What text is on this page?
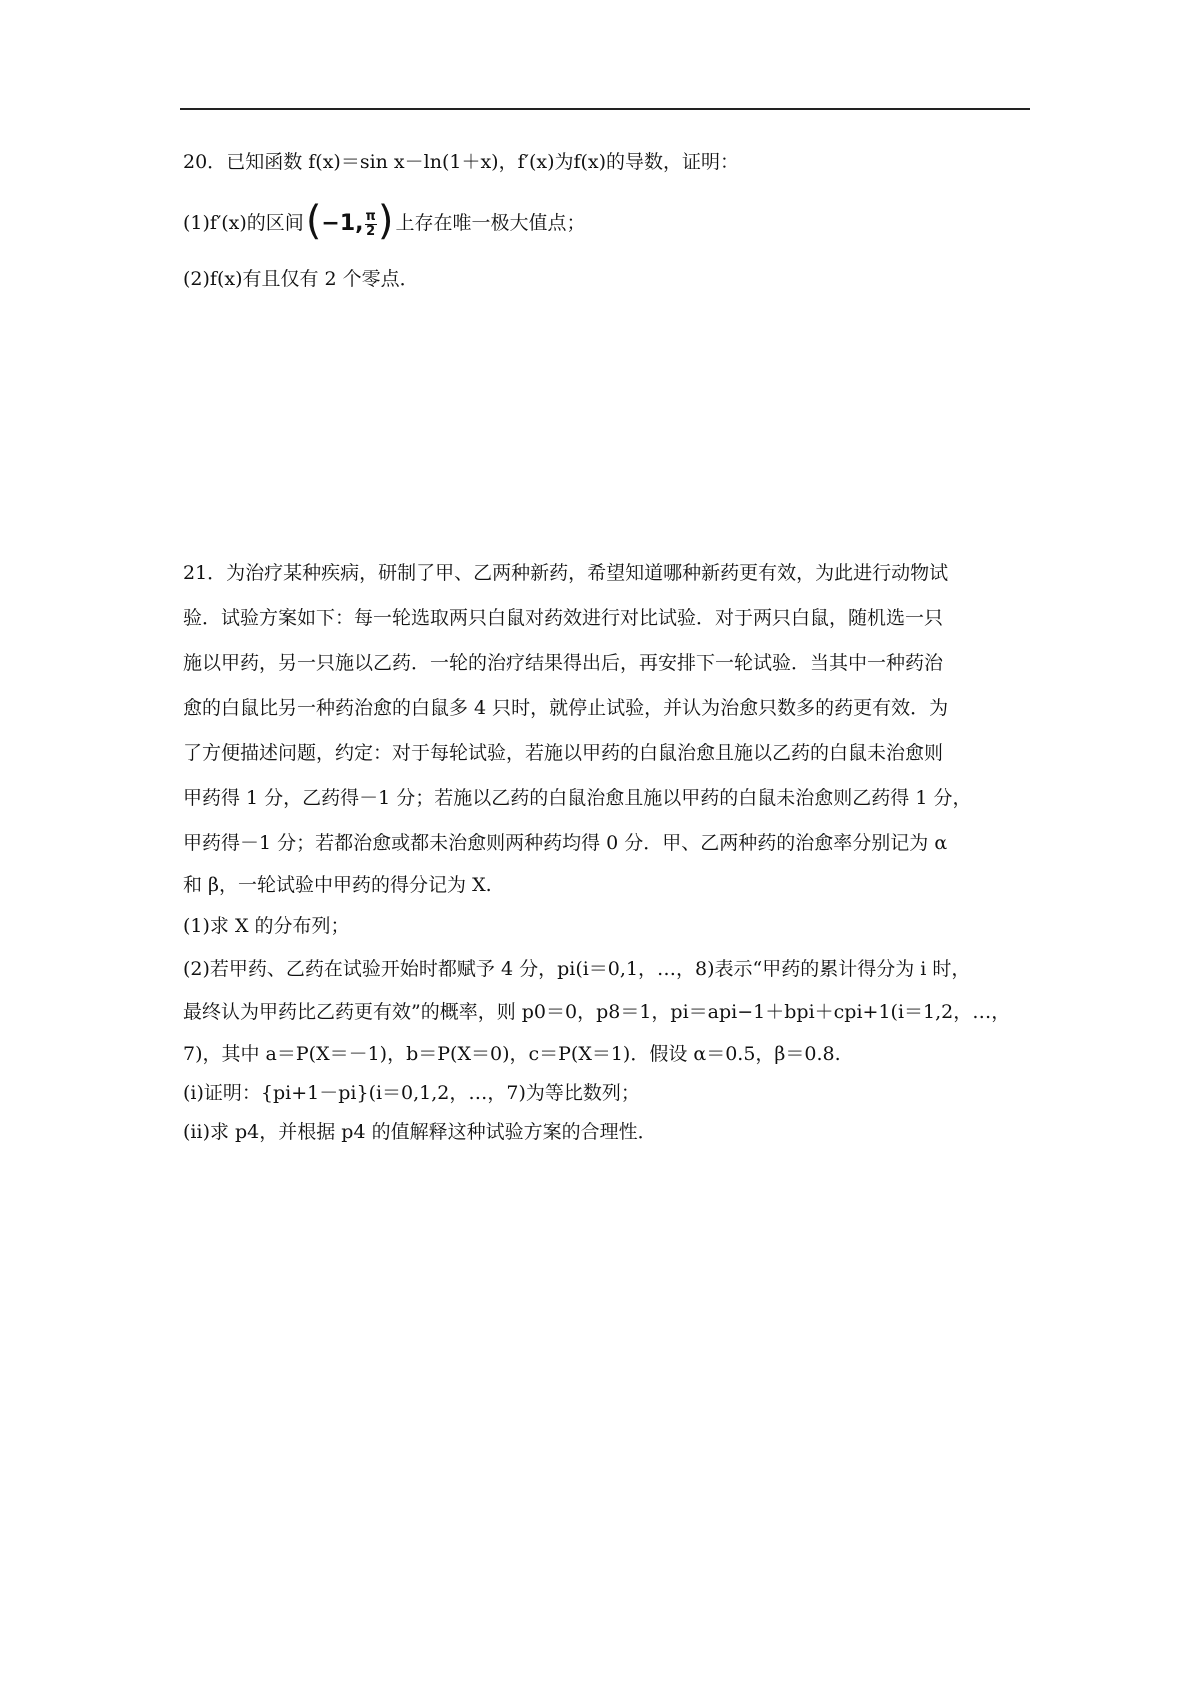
20．已知函数 f(x)＝sin x－ln(1＋x)，f′(x)为f(x)的导数，证明：
(1)f′(x)的区间(−1, $\frac{\pi}{2}$ ) 上存在唯一极大值点；
(2)f(x)有且仅有 2 个零点．
21．为治疗某种疾病，研制了甲、乙两种新药，希望知道哪种新药更有效，为此进行动物试
验．试验方案如下：每一轮选取两只白鼠对药效进行对比试验．对于两只白鼠，随机选一只
施以甲药，另一只施以乙药．一轮的治疗结果得出后，再安排下一轮试验．当其中一种药治
愈的白鼠比另一种药治愈的白鼠多 4 只时，就停止试验，并认为治愈只数多的药更有效．为
了方便描述问题，约定：对于每轮试验，若施以甲药的白鼠治愈且施以乙药的白鼠未治愈则
甲药得 1 分，乙药得－1 分；若施以乙药的白鼠治愈且施以甲药的白鼠未治愈则乙药得 1 分，
甲药得－1 分；若都治愈或都未治愈则两种药均得 0 分．甲、乙两种药的治愈率分别记为 α
和 β，一轮试验中甲药的得分记为 X.
(1)求 X 的分布列；
(2)若甲药、乙药在试验开始时都赋予 4 分，pi(i＝0,1，…，8)表示“甲药的累计得分为 i 时，
最终认为甲药比乙药更有效”的概率，则 p0＝0，p8＝1，pi＝api−1＋bpi＋cpi+1(i＝1,2，…，
7)，其中 a＝P(X＝－1)，b＝P(X＝0)，c＝P(X＝1)．假设 α＝0.5，β＝0.8.
(ⅰ)证明：{pi+1－pi}(i＝0,1,2，…，7)为等比数列；
(ⅱ)求 p4，并根据 p4 的值解释这种试验方案的合理性．
